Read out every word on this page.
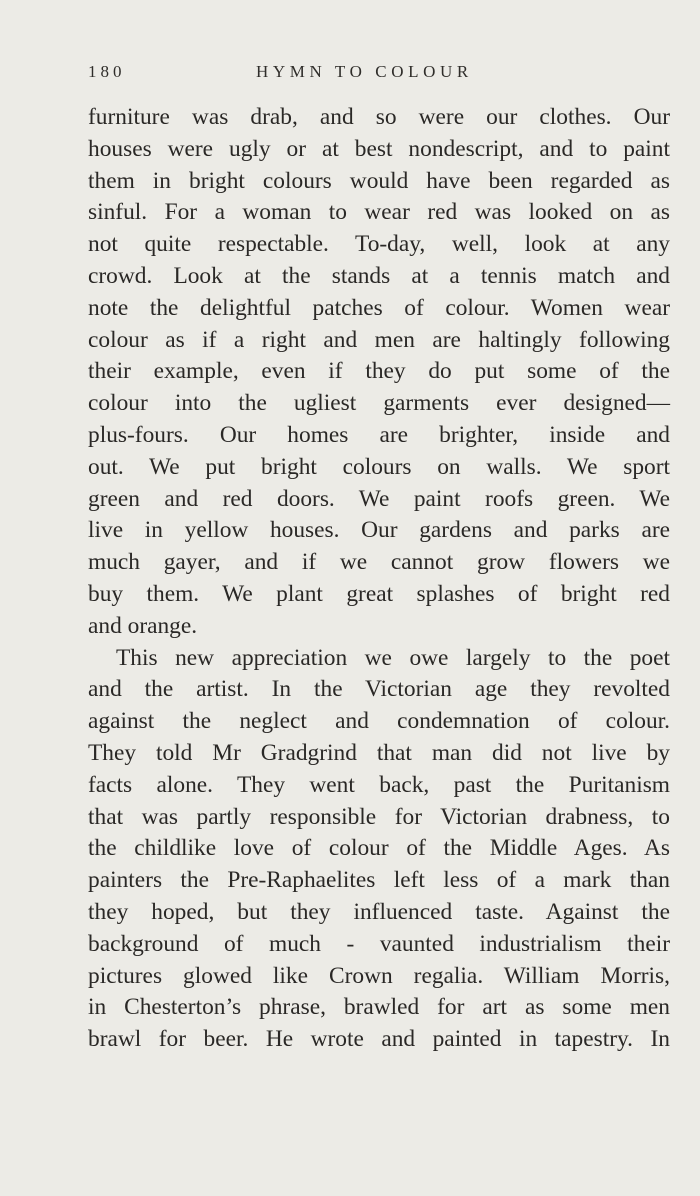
180	HYMN TO COLOUR
furniture was drab, and so were our clothes. Our
houses were ugly or at best nondescript, and to paint
them in bright colours would have been regarded as
sinful. For a woman to wear red was looked on as
not quite respectable. To-day, well, look at any
crowd. Look at the stands at a tennis match and
note the delightful patches of colour. Women wear
colour as if a right and men are haltingly following
their example, even if they do put some of the
colour into the ugliest garments ever designed—
plus-fours. Our homes are brighter, inside and
out. We put bright colours on walls. We sport
green and red doors. We paint roofs green. We
live in yellow houses. Our gardens and parks are
much gayer, and if we cannot grow flowers we
buy them. We plant great splashes of bright red
and orange.
This new appreciation we owe largely to the poet
and the artist. In the Victorian age they revolted
against the neglect and condemnation of colour.
They told Mr Gradgrind that man did not live by
facts alone. They went back, past the Puritanism
that was partly responsible for Victorian drabness, to
the childlike love of colour of the Middle Ages. As
painters the Pre-Raphaelites left less of a mark than
they hoped, but they influenced taste. Against the
background of much - vaunted industrialism their
pictures glowed like Crown regalia. William Morris,
in Chesterton’s phrase, brawled for art as some men
brawl for beer. He wrote and painted in tapestry. In
